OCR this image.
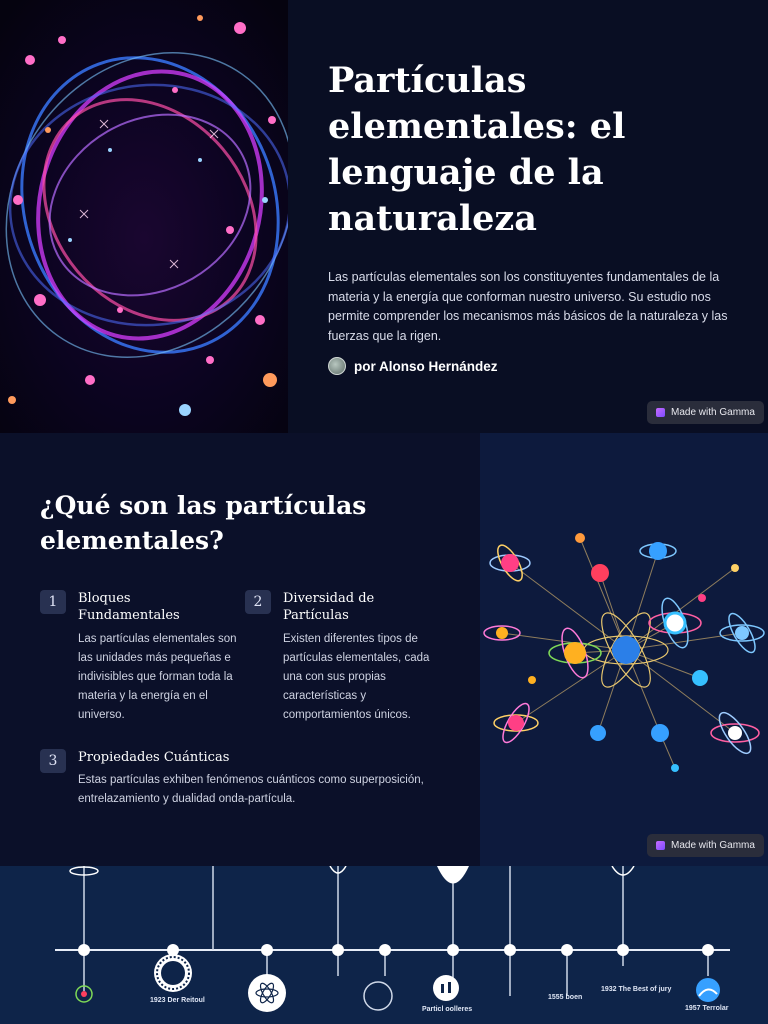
Partículas elementales: el lenguaje de la naturaleza

Las partículas elementales son los constituyentes fundamentales de la materia y la energía que conforman nuestro universo. Su estudio nos permite comprender los mecanismos más básicos de la naturaleza y las fuerzas que la rigen.

por Alonso Hernández
Made with Gamma
¿Qué son las partículas elementales?
1	Bloques Fundamentales

Las partículas elementales son las unidades más pequeñas e indivisibles que forman toda la materia y la energía en el universo.

2	Diversidad de Partículas

Existen diferentes tipos de partículas elementales, cada una con sus propias características y comportamientos únicos.

3	Propiedades Cuánticas

Estas partículas exhiben fenómenos cuánticos como superposición, entrelazamiento y dualidad onda-partícula.

Made with Gamma
1923 Der Reitoul
Particl oolleres
1555 boen
1932 The Best of jury
1957 Terrolar
